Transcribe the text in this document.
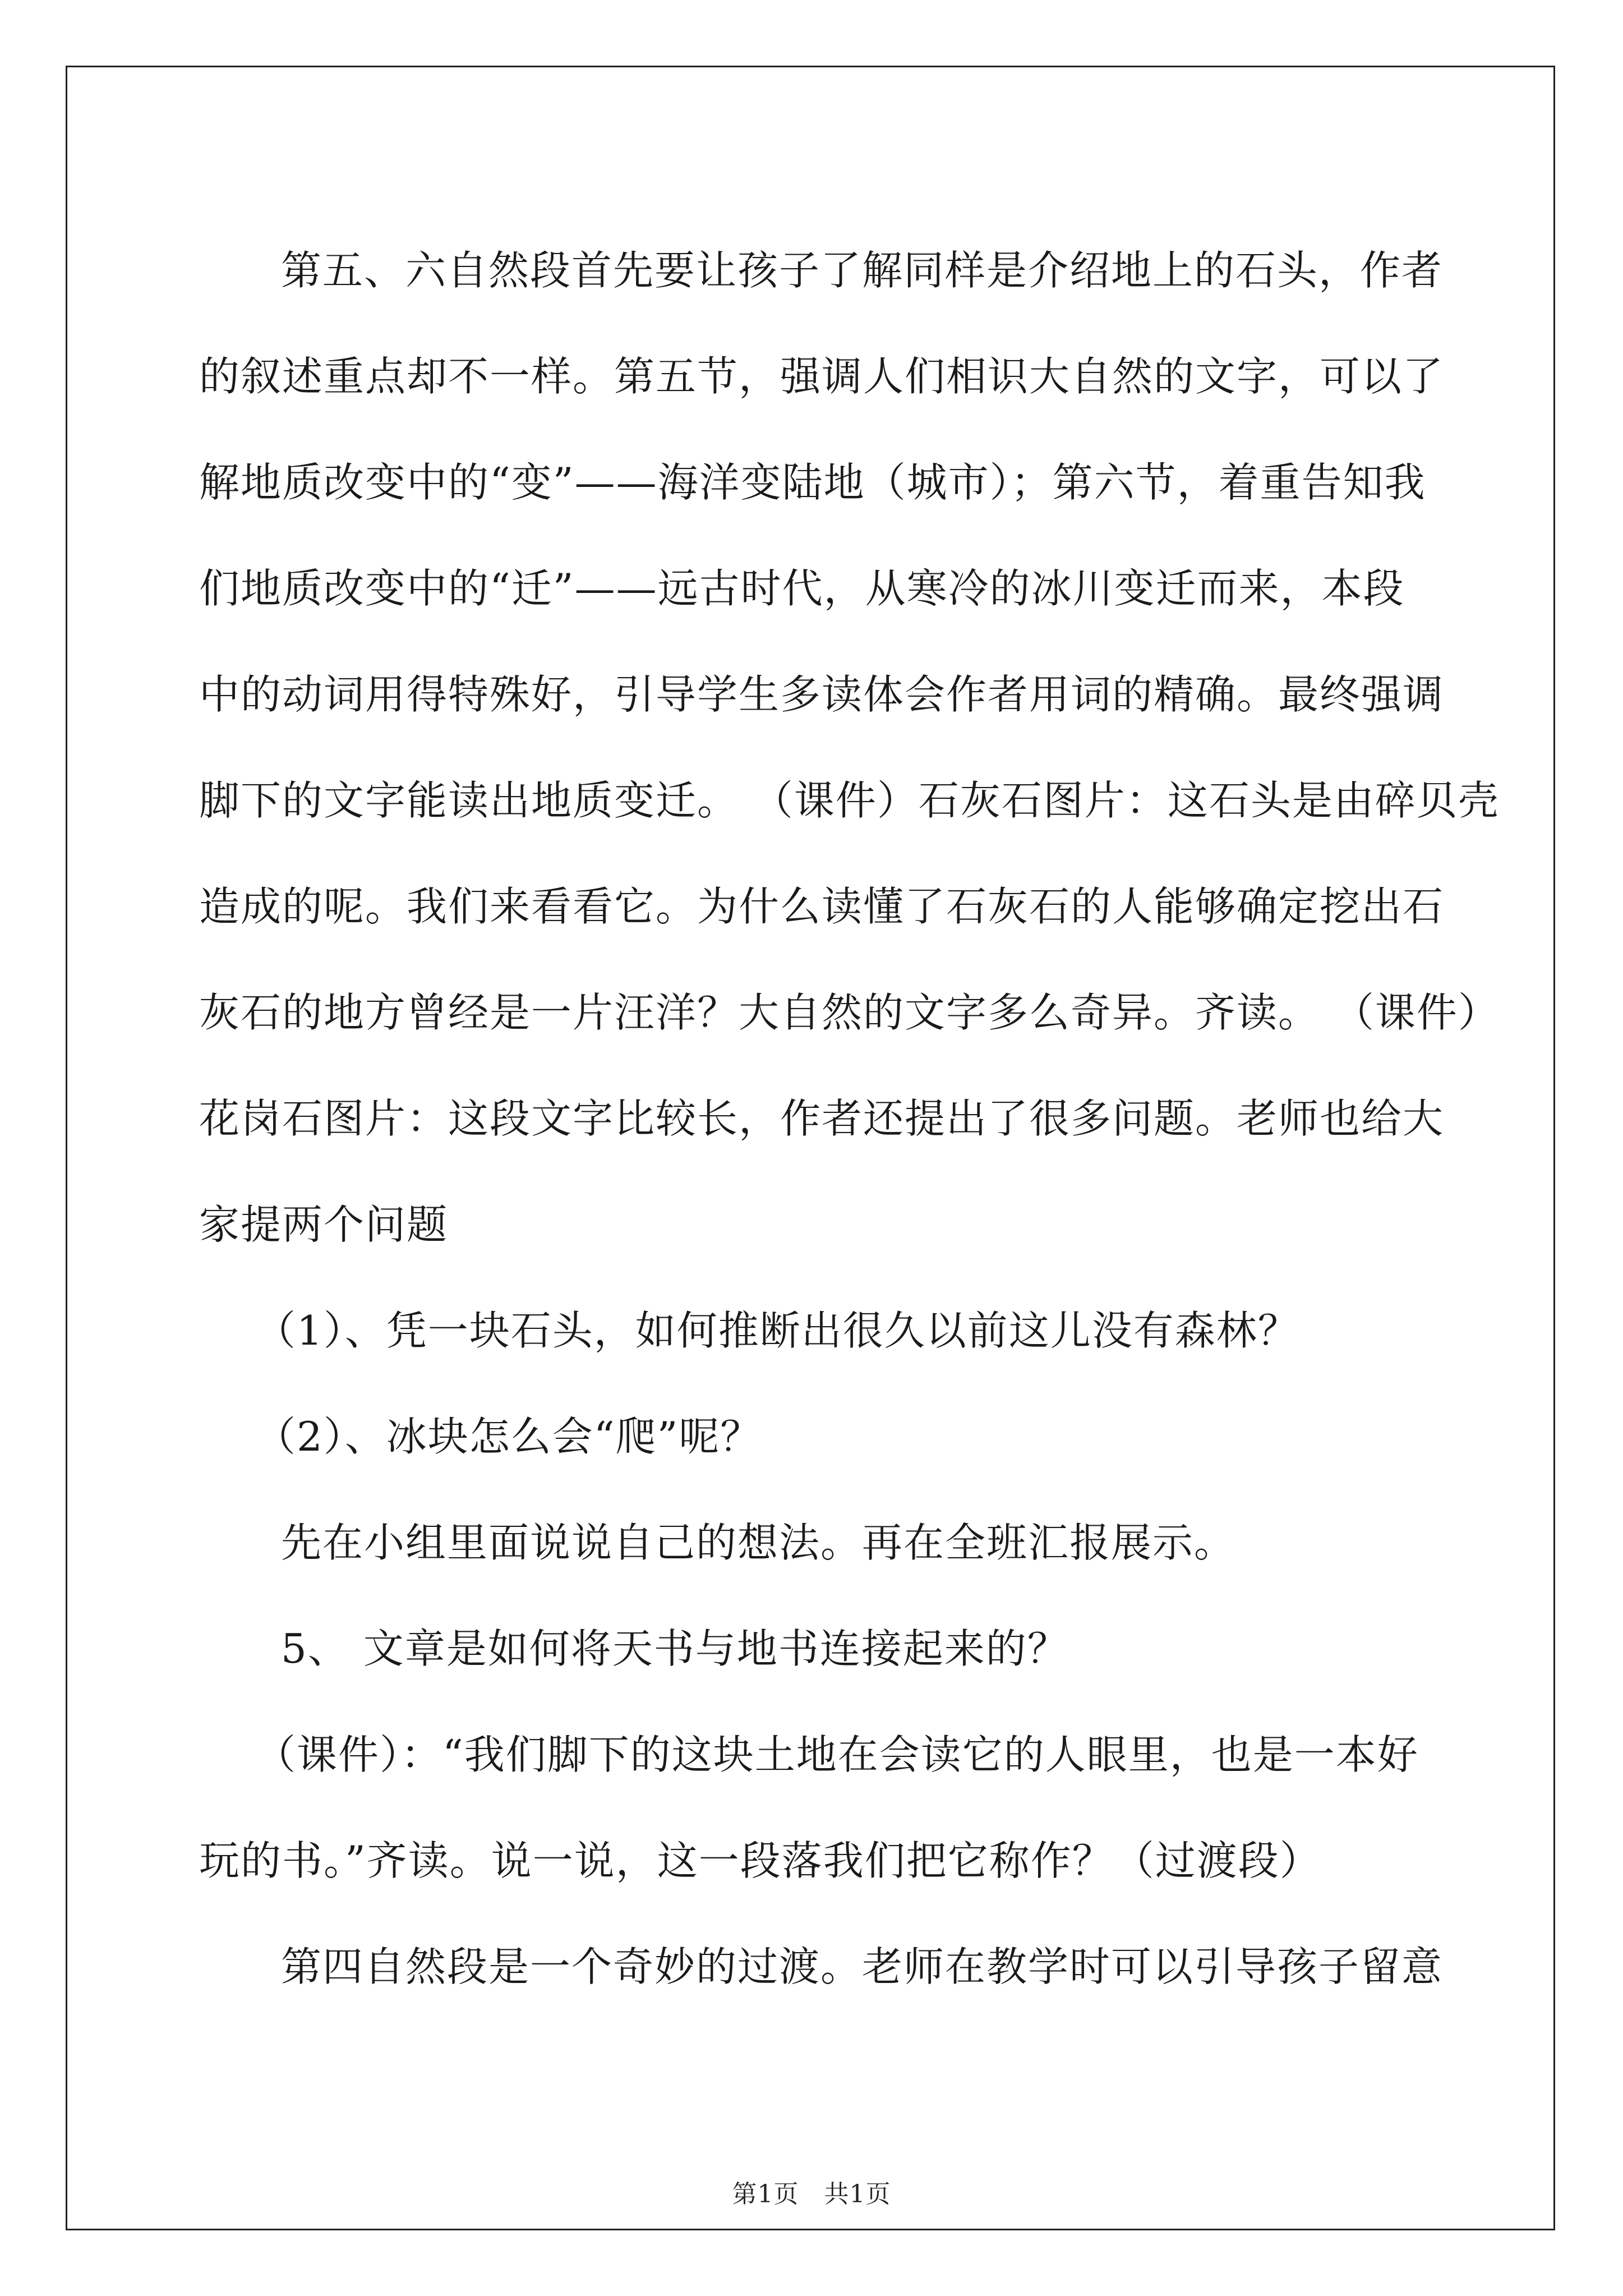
第五、六自然段首先要让孩子了解同样是介绍地上的石头，作者
的叙述重点却不一样。第五节，强调人们相识大自然的文字，可以了
解地质改变中的“变”——海洋变陆地（城市）；第六节，着重告知我
们地质改变中的“迁”——远古时代，从寒冷的冰川变迁而来，本段
中的动词用得特殊好，引导学生多读体会作者用词的精确。最终强调
脚下的文字能读出地质变迁。 （课件）石灰石图片：这石头是由碎贝壳
造成的呢。我们来看看它。为什么读懂了石灰石的人能够确定挖出石
灰石的地方曾经是一片汪洋？大自然的文字多么奇异。齐读。 （课件）
花岗石图片：这段文字比较长，作者还提出了很多问题。老师也给大
家提两个问题
（1）、凭一块石头，如何推断出很久以前这儿没有森林？
（2）、冰块怎么会“爬”呢？
先在小组里面说说自己的想法。再在全班汇报展示。
5、 文章是如何将天书与地书连接起来的？
（课件）：“我们脚下的这块土地在会读它的人眼里，也是一本好
玩的书。”齐读。说一说，这一段落我们把它称作？（过渡段）
第四自然段是一个奇妙的过渡。老师在教学时可以引导孩子留意
第1页　共1页
